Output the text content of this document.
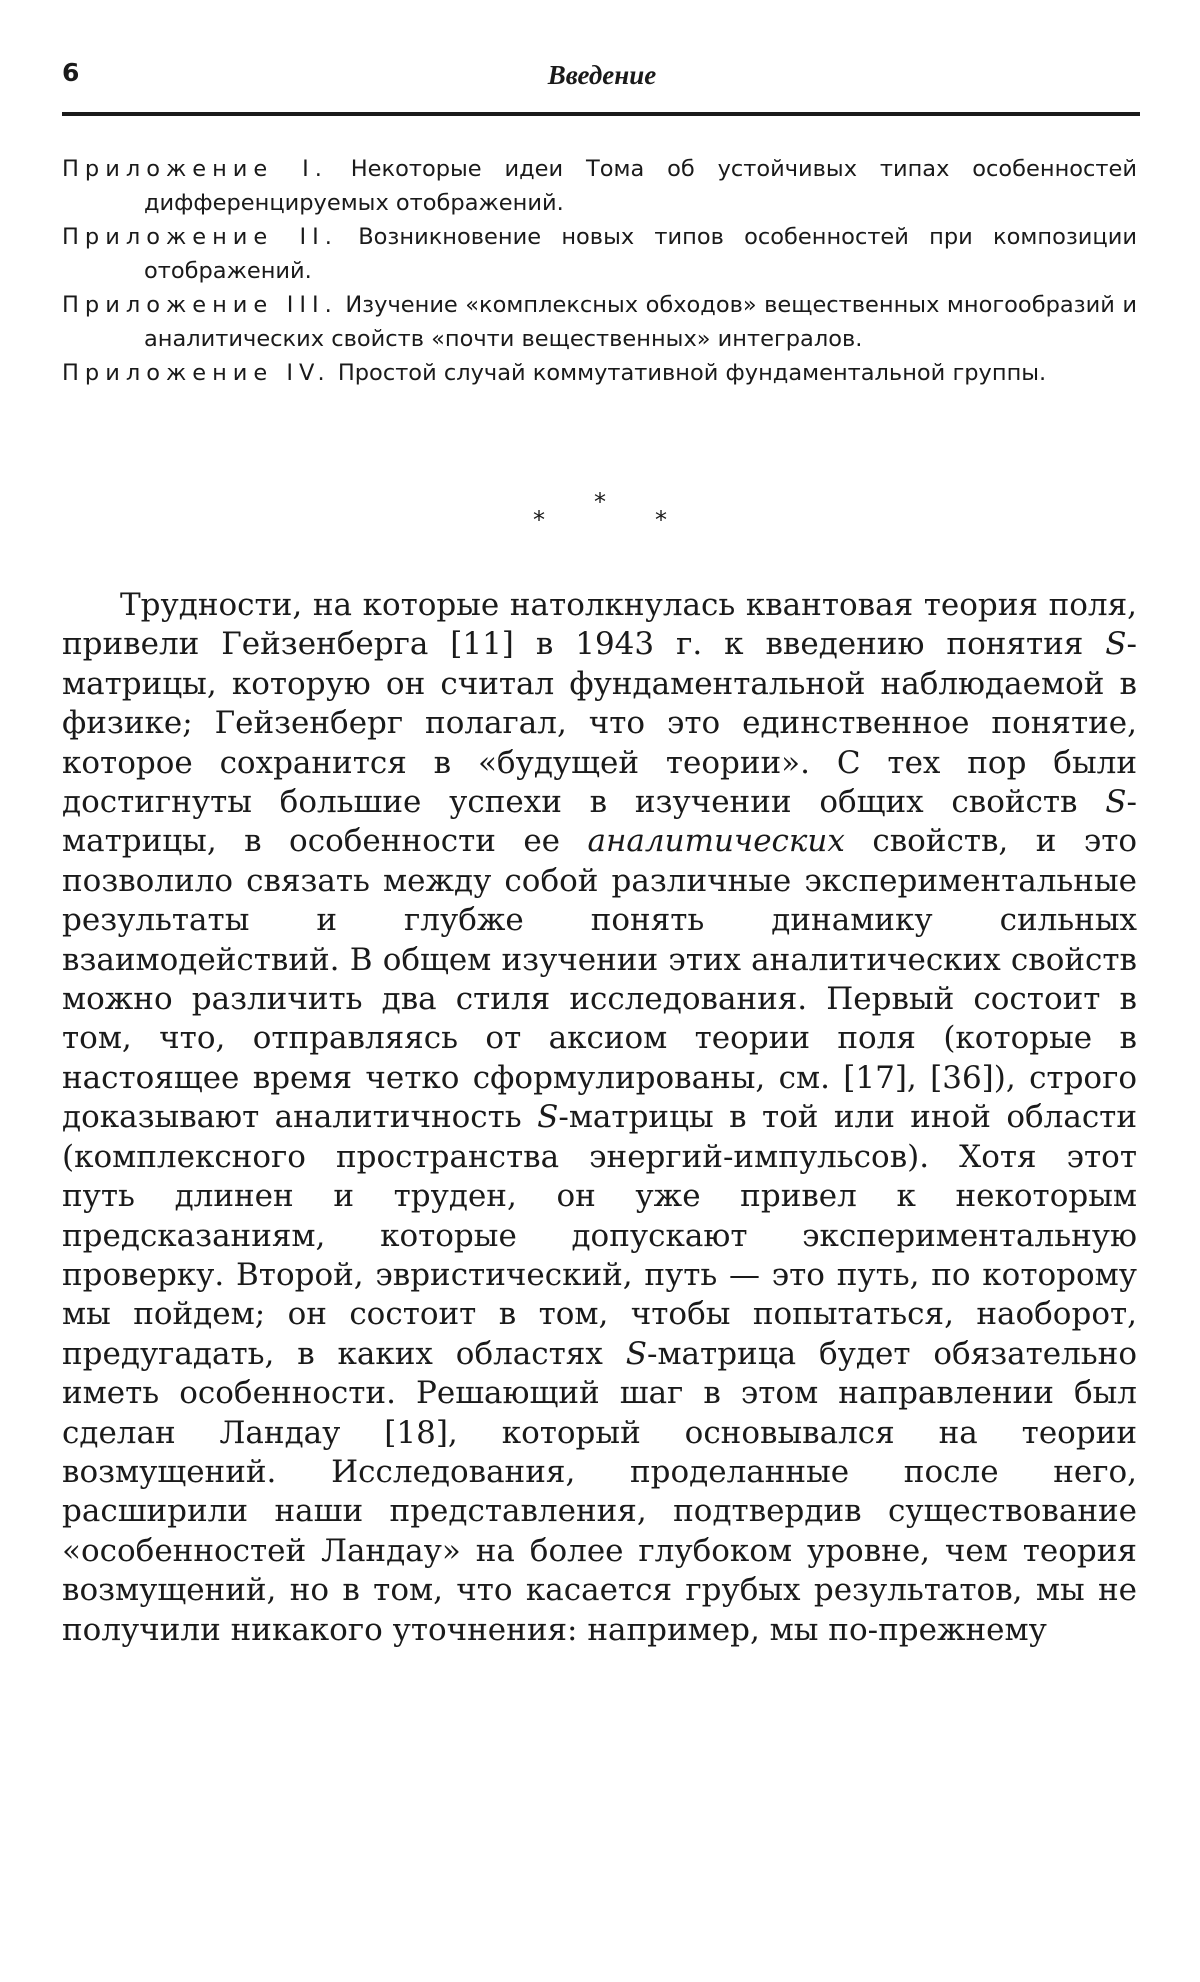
6	Введение

Приложение I. Некоторые идеи Тома об устойчивых типах особенностей дифференцируемых отображений.

Приложение II. Возникновение новых типов особенностей при композиции отображений.

Приложение III. Изучение «комплексных обходов» вещественных многообразий и аналитических свойств «почти вещественных» интегралов.

Приложение IV. Простой случай коммутативной фундаментальной группы.

*
*
*

Трудности, на которые натолкнулась квантовая теория поля, привели Гейзенберга [11] в 1943 г. к введению понятия S-матрицы, которую он считал фундаментальной наблюдаемой в физике; Гейзенберг полагал, что это единственное понятие, которое сохранится в «будущей теории». С тех пор были достигнуты большие успехи в изучении общих свойств S-матрицы, в особенности ее аналитических свойств, и это позволило связать между собой различные экспериментальные результаты и глубже понять динамику сильных взаимодействий. В общем изучении этих аналитических свойств можно различить два стиля исследования. Первый состоит в том, что, отправляясь от аксиом теории поля (которые в настоящее время четко сформулированы, см. [17], [36]), строго доказывают аналитичность S-матрицы в той или иной области (комплексного пространства энергий-импульсов). Хотя этот путь длинен и труден, он уже привел к некоторым предсказаниям, которые допускают экспериментальную проверку. Второй, эвристический, путь — это путь, по которому мы пойдем; он состоит в том, чтобы попытаться, наоборот, предугадать, в каких областях S-матрица будет обязательно иметь особенности. Решающий шаг в этом направлении был сделан Ландау [18], который основывался на теории возмущений. Исследования, проделанные после него, расширили наши представления, подтвердив существование «особенностей Ландау» на более глубоком уровне, чем теория возмущений, но в том, что касается грубых результатов, мы не получили никакого уточнения: например, мы по-прежнему
